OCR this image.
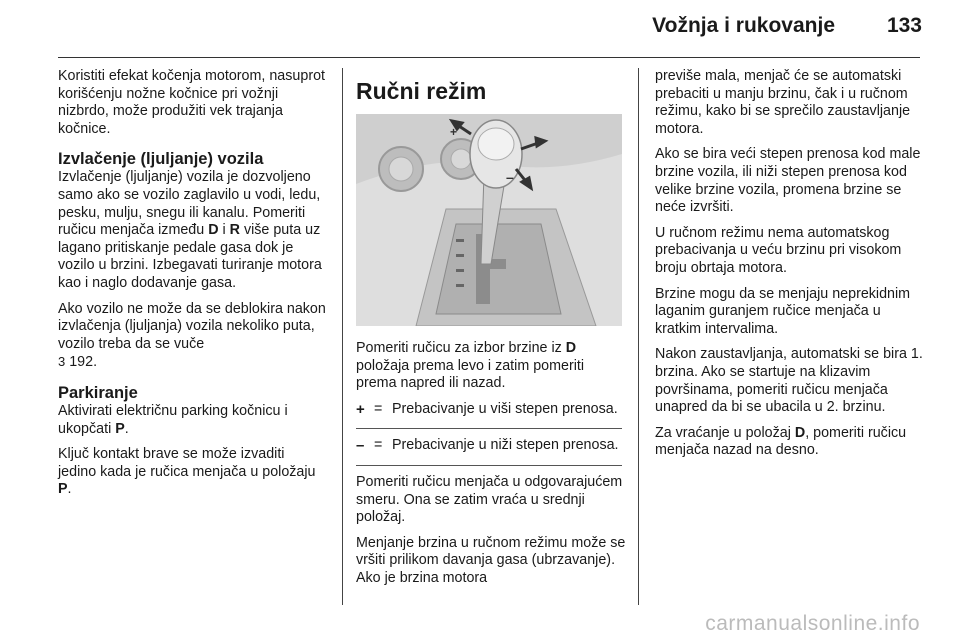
Vožnja i rukovanje 133

Koristiti efekat kočenja motorom, nasuprot korišćenju nožne kočnice pri vožnji nizbrdo, može produžiti vek trajanja kočnice.

Izvlačenje (ljuljanje) vozila

Izvlačenje (ljuljanje) vozila je dozvoljeno samo ako se vozilo zaglavilo u vodi, ledu, pesku, mulju, snegu ili kanalu. Pomeriti ručicu menjača između D i R više puta uz lagano pritiskanje pedale gasa dok je vozilo u brzini. Izbegavati turiranje motora kao i naglo dodavanje gasa.

Ako vozilo ne može da se deblokira nakon izvlačenja (ljuljanja) vozila nekoliko puta, vozilo treba da se vuče
3 192.

Parkiranje

Aktivirati električnu parking kočnicu i ukopčati P.

Ključ kontakt brave se može izvaditi jedino kada je ručica menjača u položaju P.

Ručni režim
+
–

Pomeriti ručicu za izbor brzine iz D položaja prema levo i zatim pomeriti prema napred ili nazad.

+ = Prebacivanje u viši stepen prenosa.
– = Prebacivanje u niži stepen prenosa.

Pomeriti ručicu menjača u odgovarajućem smeru. Ona se zatim vraća u srednji položaj.

Menjanje brzina u ručnom režimu može se vršiti prilikom davanja gasa (ubrzavanje). Ako je brzina motora

previše mala, menjač će se automatski prebaciti u manju brzinu, čak i u ručnom režimu, kako bi se sprečilo zaustavljanje motora.

Ako se bira veći stepen prenosa kod male brzine vozila, ili niži stepen prenosa kod velike brzine vozila, promena brzine se neće izvršiti.

U ručnom režimu nema automatskog prebacivanja u veću brzinu pri visokom broju obrtaja motora.

Brzine mogu da se menjaju neprekidnim laganim guranjem ručice menjača u kratkim intervalima.

Nakon zaustavljanja, automatski se bira 1. brzina. Ako se startuje na klizavim površinama, pomeriti ručicu menjača unapred da bi se ubacila u 2. brzinu.

Za vraćanje u položaj D, pomeriti ručicu menjača nazad na desno.

carmanualsonline.info
